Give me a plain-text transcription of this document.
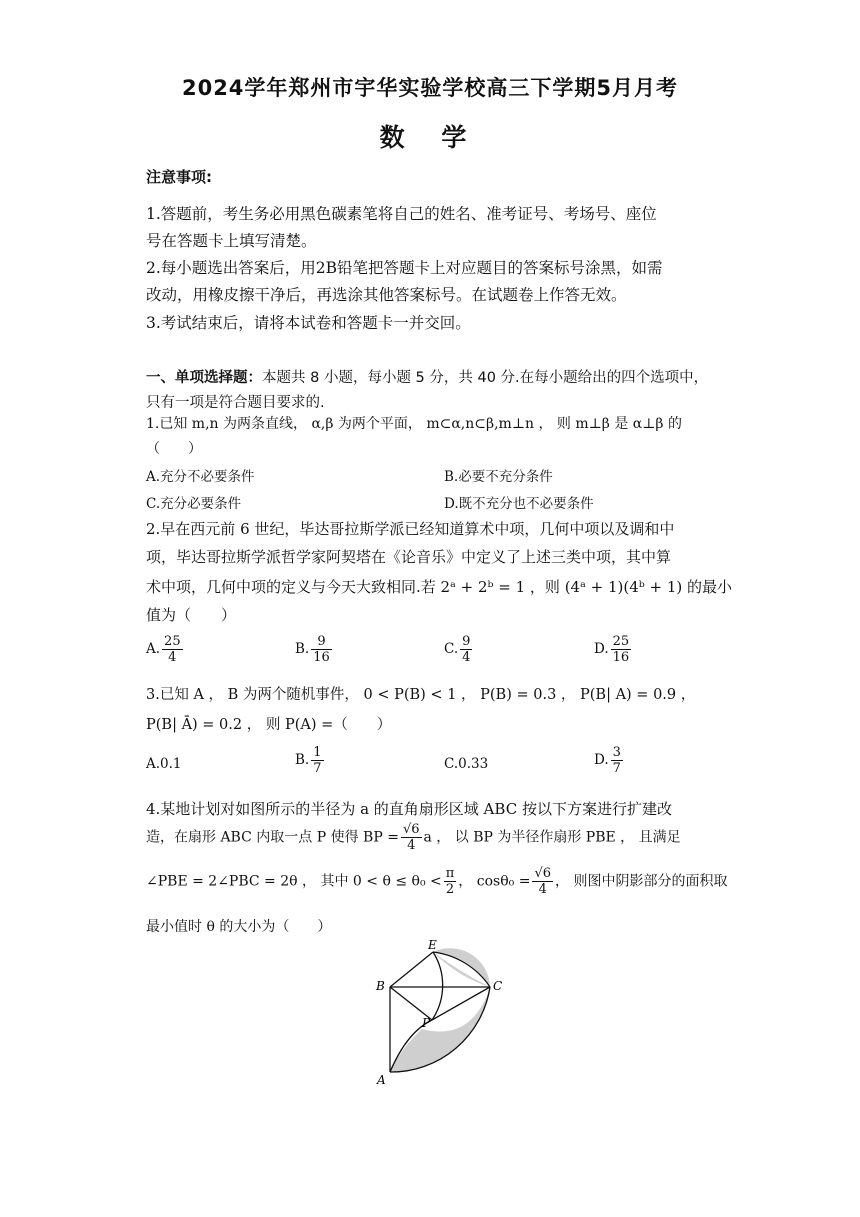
2024学年郑州市宇华实验学校高三下学期5月月考
数 学
注意事项:
1.答题前，考生务必用黑色碳素笔将自己的姓名、准考证号、考场号、座位
号在答题卡上填写清楚。
2.每小题选出答案后，用2B铅笔把答题卡上对应题目的答案标号涂黑，如需
改动，用橡皮擦干净后，再选涂其他答案标号。在试题卷上作答无效。
3.考试结束后，请将本试卷和答题卡一并交回。
一、单项选择题：本题共 8 小题，每小题 5 分，共 40 分.在每小题给出的四个选项中，
只有一项是符合题目要求的.
1.已知 m,n 为两条直线， α,β 为两个平面， m⊂α,n⊂β,m⊥n ， 则 m⊥β 是 α⊥β 的
（　　）
A.充分不必要条件	B.必要不充分条件
C.充分必要条件	D.既不充分也不必要条件
2.早在西元前 6 世纪，毕达哥拉斯学派已经知道算术中项，几何中项以及调和中
项，毕达哥拉斯学派哲学家阿契塔在《论音乐》中定义了上述三类中项，其中算
术中项，几何中项的定义与今天大致相同.若 2ᵃ + 2ᵇ = 1 ，则 (4ᵃ + 1)(4ᵇ + 1) 的最小
值为（　　）
A. $\frac{25}{4}$	B. $\frac{9}{16}$	C. $\frac{9}{4}$	D. $\frac{25}{16}$
3.已知 A ， B 为两个随机事件， 0 < P(B) < 1 ， P(B) = 0.3 ， P(B| A) = 0.9 ，
P(B| Ā) = 0.2 ， 则 P(A) =（　　）
A.0.1	B. $\frac{1}{7}$	C.0.33	D. $\frac{3}{7}$
4.某地计划对如图所示的半径为 a 的直角扇形区域 ABC 按以下方案进行扩建改
造，在扇形 ABC 内取一点 P 使得 BP = $\frac{√6}{4}$ a ， 以 BP 为半径作扇形 PBE ， 且满足
∠PBE = 2∠PBC = 2θ ， 其中 $0 < \theta \le \theta_0 < \frac{\pi}{2}$ ， $\cos\theta_0 = \frac{√6}{4}$ ， 则图中阴影部分的面积取
最小值时 θ 的大小为（　　）
E
B	C
P
A
